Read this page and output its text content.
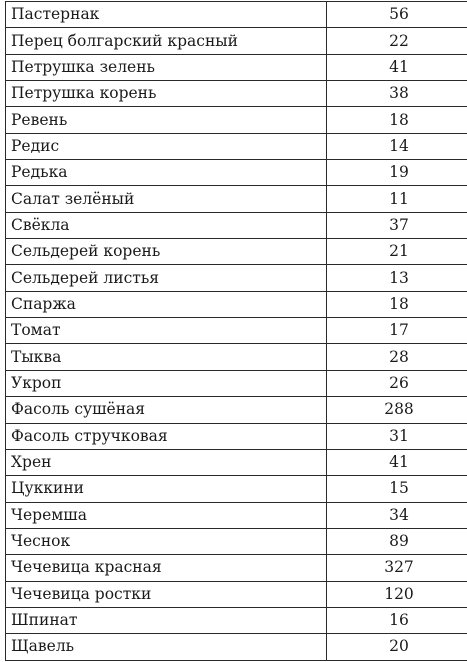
Пастернак	56
Перец болгарский красный	22
Петрушка зелень	41
Петрушка корень	38
Ревень	18
Редис	14
Редька	19
Салат зелёный	11
Свёкла	37
Сельдерей корень	21
Сельдерей листья	13
Спаржа	18
Томат	17
Тыква	28
Укроп	26
Фасоль сушёная	288
Фасоль стручковая	31
Хрен	41
Цуккини	15
Черемша	34
Чеснок	89
Чечевица красная	327
Чечевица ростки	120
Шпинат	16
Щавель	20
